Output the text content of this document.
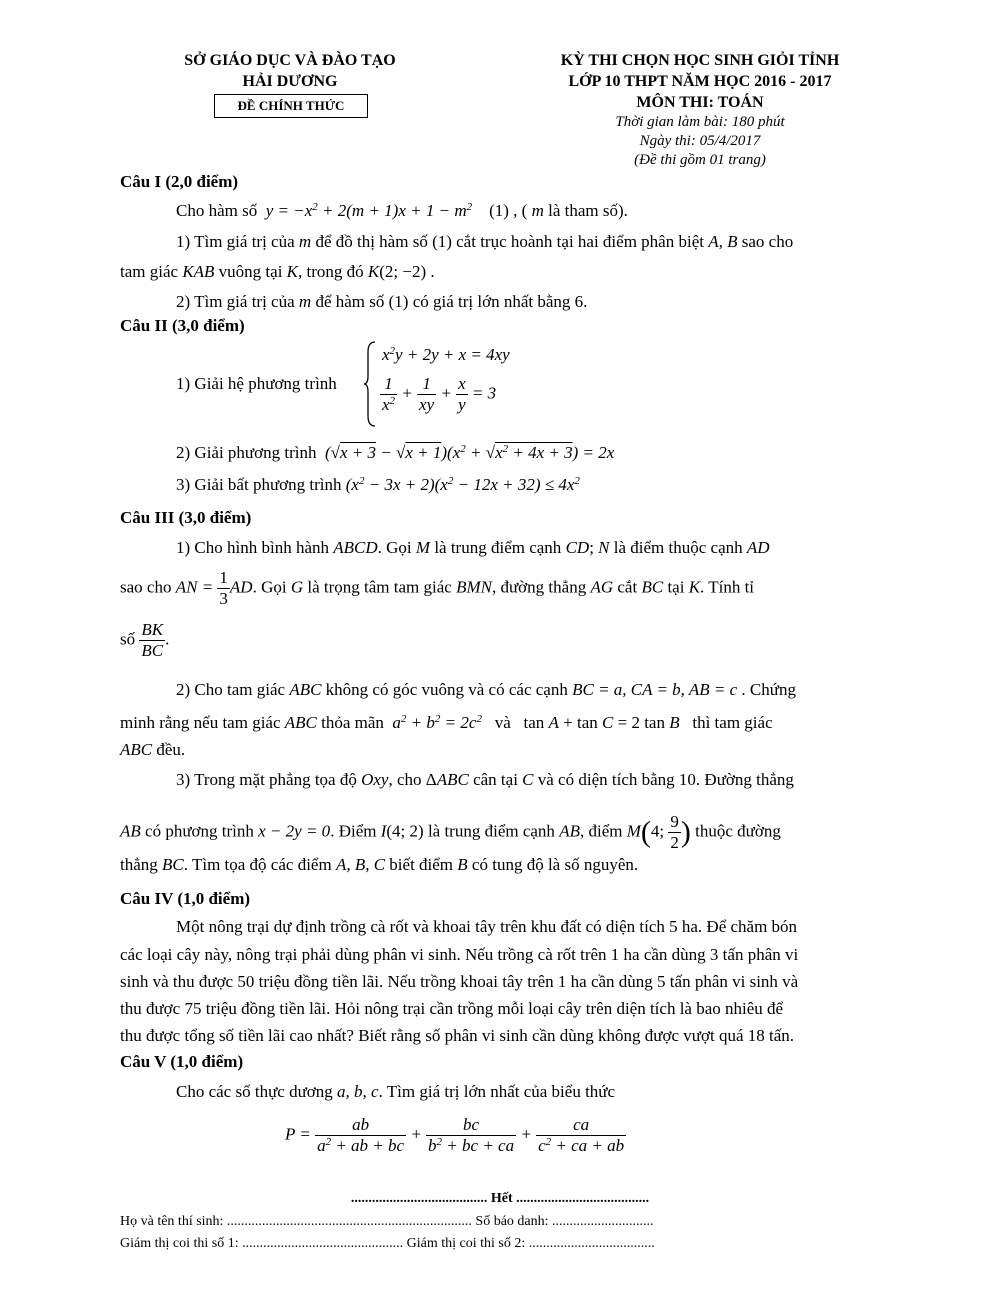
SỞ GIÁO DỤC VÀ ĐÀO TẠO
HẢI DƯƠNG
ĐỀ CHÍNH THỨC
KỲ THI CHỌN HỌC SINH GIỎI TỈNH
LỚP 10 THPT NĂM HỌC 2016 - 2017
MÔN THI: TOÁN
Thời gian làm bài: 180 phút
Ngày thi: 05/4/2017
(Đề thi gồm 01 trang)
Câu I (2,0 điểm)
Cho hàm số  $y = -x^2 + 2(m + 1)x + 1 - m^2$ (1) , ( m là tham số).
1) Tìm giá trị của m để đồ thị hàm số (1) cắt trục hoành tại hai điểm phân biệt A, B sao cho
tam giác KAB vuông tại K, trong đó K(2; −2) .
2) Tìm giá trị của m để hàm số (1) có giá trị lớn nhất bằng 6.
Câu II (3,0 điểm)
1) Giải hệ phương trình
$x^2y + 2y + x = 4xy$
$\frac{1}{x^2} + \frac{1}{xy} + \frac{x}{y} = 3$
2) Giải phương trình $(√x + 3 - √x + 1)(x^2 + √x^2 + 4x + 3) = 2x$
3) Giải bất phương trình $(x^2 - 3x + 2)(x^2 - 12x + 32) \le 4x^2$
Câu III (3,0 điểm)
1) Cho hình bình hành ABCD. Gọi M là trung điểm cạnh CD; N là điểm thuộc cạnh AD
sao cho AN = $\frac{1}{3}$ AD. Gọi G là trọng tâm tam giác BMN, đường thẳng AG cắt BC tại K. Tính tỉ
số $\frac{BK}{BC}$ .
2) Cho tam giác ABC không có góc vuông và có các cạnh BC = a, CA = b, AB = c . Chứng
minh rằng nếu tam giác ABC thỏa mãn $a^2 + b^2 = 2c^2$ và tan A + tan C = 2 tan B thì tam giác
ABC đều.
3) Trong mặt phẳng tọa độ Oxy, cho ΔABC cân tại C và có diện tích bằng 10. Đường thẳng
AB có phương trình x − 2y = 0. Điểm I(4; 2) là trung điểm cạnh AB, điểm M(4; $\frac{9}{2}$ ) thuộc đường
thẳng BC. Tìm tọa độ các điểm A, B, C biết điểm B có tung độ là số nguyên.
Câu IV (1,0 điểm)
Một nông trại dự định trồng cà rốt và khoai tây trên khu đất có diện tích 5 ha. Để chăm bón
các loại cây này, nông trại phải dùng phân vi sinh. Nếu trồng cà rốt trên 1 ha cần dùng 3 tấn phân vi
sinh và thu được 50 triệu đồng tiền lãi. Nếu trồng khoai tây trên 1 ha cần dùng 5 tấn phân vi sinh và
thu được 75 triệu đồng tiền lãi. Hỏi nông trại cần trồng mỗi loại cây trên diện tích là bao nhiêu để
thu được tổng số tiền lãi cao nhất? Biết rằng số phân vi sinh cần dùng không được vượt quá 18 tấn.
Câu V (1,0 điểm)
Cho các số thực dương a, b, c. Tìm giá trị lớn nhất của biểu thức
$P = \frac{ab}{a^2 + ab + bc} + \frac{bc}{b^2 + bc + ca} + \frac{ca}{c^2 + ca + ab}$
....................................... Hết ......................................
Họ và tên thí sinh: ...................................................................... Số báo danh: .............................
Giám thị coi thi số 1: .............................................. Giám thị coi thi số 2: ....................................
